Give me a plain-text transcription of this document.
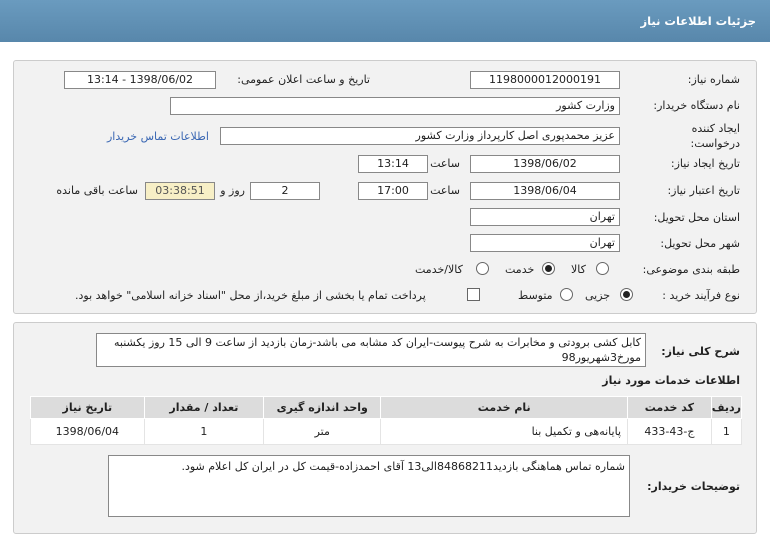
جزئیات اطلاعات نیاز
شماره نیاز:
1198000012000191
تاریخ و ساعت اعلان عمومی:
1398/06/02 - 13:14
نام دستگاه خریدار:
وزارت کشور
ایجاد کننده درخواست:
عزیز محمدپوری اصل کارپرداز وزارت کشور
اطلاعات تماس خریدار
تاریخ ایجاد نیاز:
1398/06/02
ساعت
13:14
تاریخ اعتبار نیاز:
1398/06/04
ساعت
17:00
2
روز و
03:38:51
ساعت باقی مانده
استان محل تحویل:
تهران
شهر محل تحویل:
تهران
طبقه بندی موضوعی:
کالا
خدمت
کالا/خدمت
نوع فرآیند خرید :
جزیی
متوسط
پرداخت تمام یا بخشی از مبلغ خرید،از محل "اسناد خزانه اسلامی" خواهد بود.
شرح کلی نیاز:
کابل کشی برودتی و مخابرات به شرح پیوست-ایران کد مشابه می باشد-زمان بازدید از ساعت 9 الی 15 روز یکشنبه مورخ3شهریور98
اطلاعات خدمات مورد نیاز
ردیف	کد خدمت	نام خدمت	واحد اندازه گیری	تعداد / مقدار	تاریخ نیاز
1	ج-43-433	پایانه‌هی و تکمیل بنا	متر	1	1398/06/04
توضیحات خریدار:
شماره تماس هماهنگی بازدید84868211الی13 آقای احمدزاده-قیمت کل در ایران کل اعلام شود.
